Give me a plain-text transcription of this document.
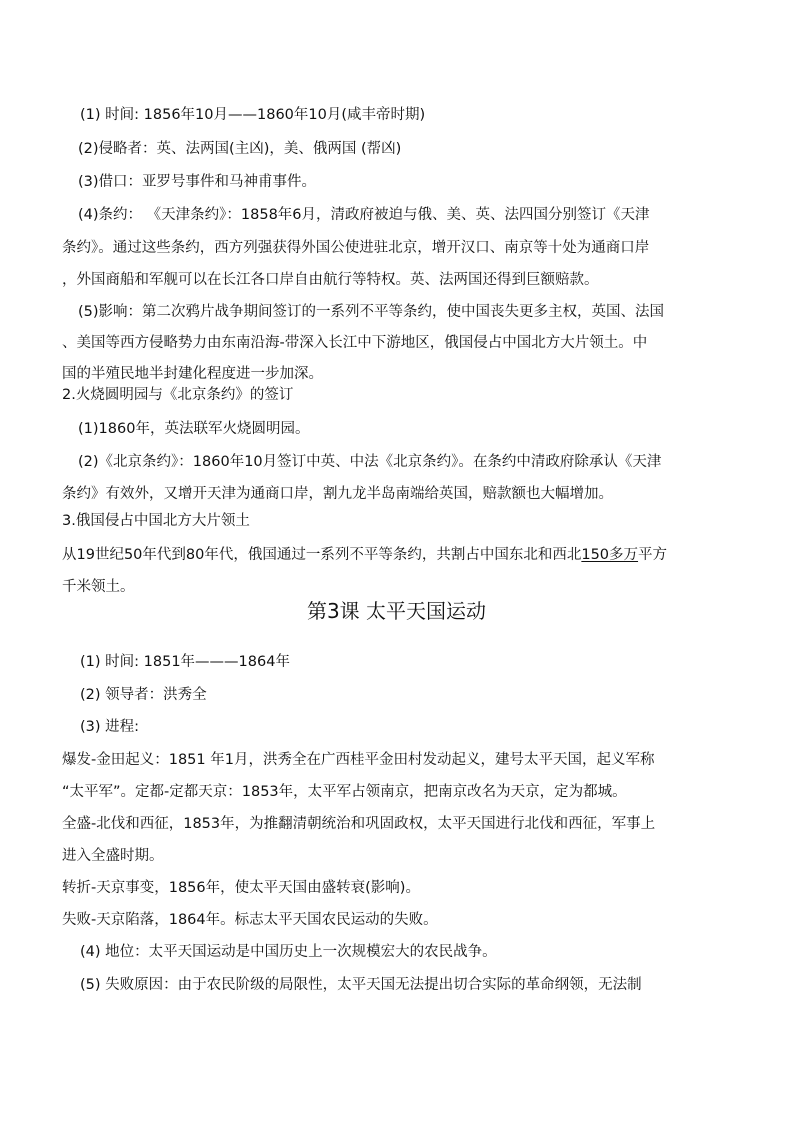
(1) 时间: 1856年10月——1860年10月(咸丰帝时期)
(2)侵略者：英、法两国(主凶)，美、俄两国 (帮凶)
(3)借口：亚罗号事件和马神甫事件。
(4)条约： 《天津条约》：1858年6月，清政府被迫与俄、美、英、法四国分别签订《天津
条约》。通过这些条约，西方列强获得外国公使进驻北京，增开汉口、南京等十处为通商口岸
，外国商船和军舰可以在长江各口岸自由航行等特权。英、法两国还得到巨额赔款。
(5)影响：第二次鸦片战争期间签订的一系列不平等条约，使中国丧失更多主权，英国、法国
、美国等西方侵略势力由东南沿海-带深入长江中下游地区，俄国侵占中国北方大片领土。中
国的半殖民地半封建化程度进一步加深。
2.火烧圆明园与《北京条约》的签订
(1)1860年，英法联军火烧圆明园。
(2)《北京条约》：1860年10月签订中英、中法《北京条约》。在条约中清政府除承认《天津
条约》有效外，又增开天津为通商口岸，割九龙半岛南端给英国，赔款额也大幅增加。
3.俄国侵占中国北方大片领土
从19世纪50年代到80年代，俄国通过一系列不平等条约，共割占中国东北和西北150多万平方
千米领土。
第3课 太平天国运动
(1) 时间: 1851年———1864年
(2) 领导者：洪秀全
(3) 进程:
爆发-金田起义：1851 年1月，洪秀全在广西桂平金田村发动起义，建号太平天国，起义军称
“太平军”。定都-定都天京：1853年，太平军占领南京，把南京改名为天京，定为都城。
全盛-北伐和西征，1853年，为推翻清朝统治和巩固政权，太平天国进行北伐和西征，军事上
进入全盛时期。
转折-天京事变，1856年，使太平天国由盛转衰(影响)。
失败-天京陷落，1864年。标志太平天国农民运动的失败。
(4) 地位：太平天国运动是中国历史上一次规模宏大的农民战争。
(5) 失败原因：由于农民阶级的局限性，太平天国无法提出切合实际的革命纲领，无法制
